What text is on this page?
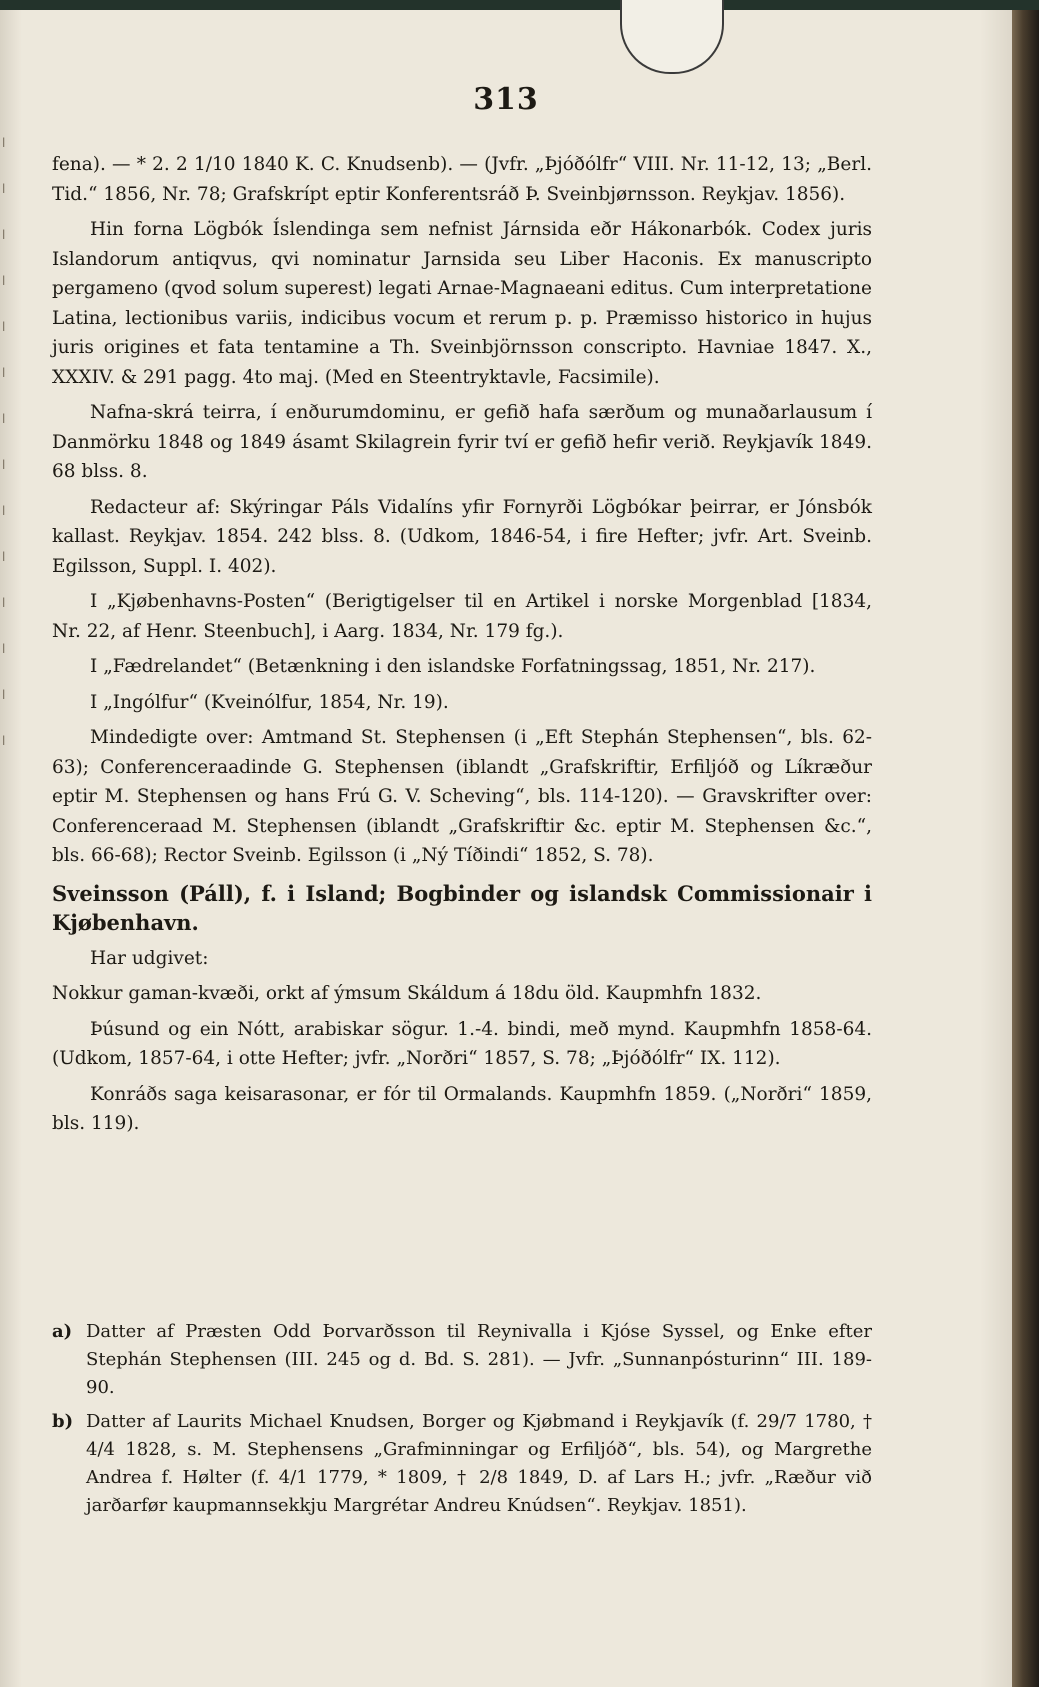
l
l
l
l
l
l
l
l
l
l
l
l
l
l
313

fena). — * 2. 2 1/10 1840 K. C. Knudsenb). — (Jvfr. „Þjóðólfr“ VIII. Nr. 11-12, 13; „Berl. Tid.“ 1856, Nr. 78; Grafskrípt eptir Konferentsráð Þ. Sveinbjørnsson. Reykjav. 1856).

Hin forna Lögbók Íslendinga sem nefnist Járnsida eðr Hákonarbók. Codex juris Islandorum antiqvus, qvi nominatur Jarnsida seu Liber Haconis. Ex manuscripto pergameno (qvod solum superest) legati Arnae-Magnaeani editus. Cum interpretatione Latina, lectionibus variis, indicibus vocum et rerum p. p. Præmisso historico in hujus juris origines et fata tentamine a Th. Sveinbjörnsson conscripto. Havniae 1847. X., XXXIV. & 291 pagg. 4to maj. (Med en Steentryktavle, Facsimile).

Nafna-skrá teirra, í enðurumdominu, er gefið hafa særðum og munaðarlausum í Danmörku 1848 og 1849 ásamt Skilagrein fyrir tví er gefið hefir verið. Reykjavík 1849. 68 blss. 8.

Redacteur af: Skýringar Páls Vidalíns yfir Fornyrði Lögbókar þeirrar, er Jónsbók kallast. Reykjav. 1854. 242 blss. 8. (Udkom, 1846-54, i fire Hefter; jvfr. Art. Sveinb. Egilsson, Suppl. I. 402).

I „Kjøbenhavns-Posten“ (Berigtigelser til en Artikel i norske Morgenblad [1834, Nr. 22, af Henr. Steenbuch], i Aarg. 1834, Nr. 179 fg.).

I „Fædrelandet“ (Betænkning i den islandske Forfatningssag, 1851, Nr. 217).

I „Ingólfur“ (Kveinólfur, 1854, Nr. 19).

Mindedigte over: Amtmand St. Stephensen (i „Eft Stephán Stephensen“, bls. 62-63); Conferenceraadinde G. Stephensen (iblandt „Grafskriftir, Erfiljóð og Líkræður eptir M. Stephensen og hans Frú G. V. Scheving“, bls. 114-120). — Gravskrifter over: Conferenceraad M. Stephensen (iblandt „Grafskriftir &c. eptir M. Stephensen &c.“, bls. 66-68); Rector Sveinb. Egilsson (i „Ný Tíðindi“ 1852, S. 78).

Sveinsson (Páll), f. i Island; Bogbinder og islandsk Commissionair i Kjøbenhavn.

Har udgivet:

Nokkur gaman-kvæði, orkt af ýmsum Skáldum á 18du öld. Kaupmhfn 1832.

Þúsund og ein Nótt, arabiskar sögur. 1.-4. bindi, með mynd. Kaupmhfn 1858-64. (Udkom, 1857-64, i otte Hefter; jvfr. „Norðri“ 1857, S. 78; „Þjóðólfr“ IX. 112).

Konráðs saga keisarasonar, er fór til Ormalands. Kaupmhfn 1859. („Norðri“ 1859, bls. 119).

a) Datter af Præsten Odd Þorvarðsson til Reynivalla i Kjóse Syssel, og Enke efter Stephán Stephensen (III. 245 og d. Bd. S. 281). — Jvfr. „Sunnanpósturinn“ III. 189-90.
b) Datter af Laurits Michael Knudsen, Borger og Kjøbmand i Reykjavík (f. 29/7 1780, † 4/4 1828, s. M. Stephensens „Grafminningar og Erfiljóð“, bls. 54), og Margrethe Andrea f. Hølter (f. 4/1 1779, * 1809, † 2/8 1849, D. af Lars H.; jvfr. „Ræður við jarðarfør kaupmannsekkju Margrétar Andreu Knúdsen“. Reykjav. 1851).
